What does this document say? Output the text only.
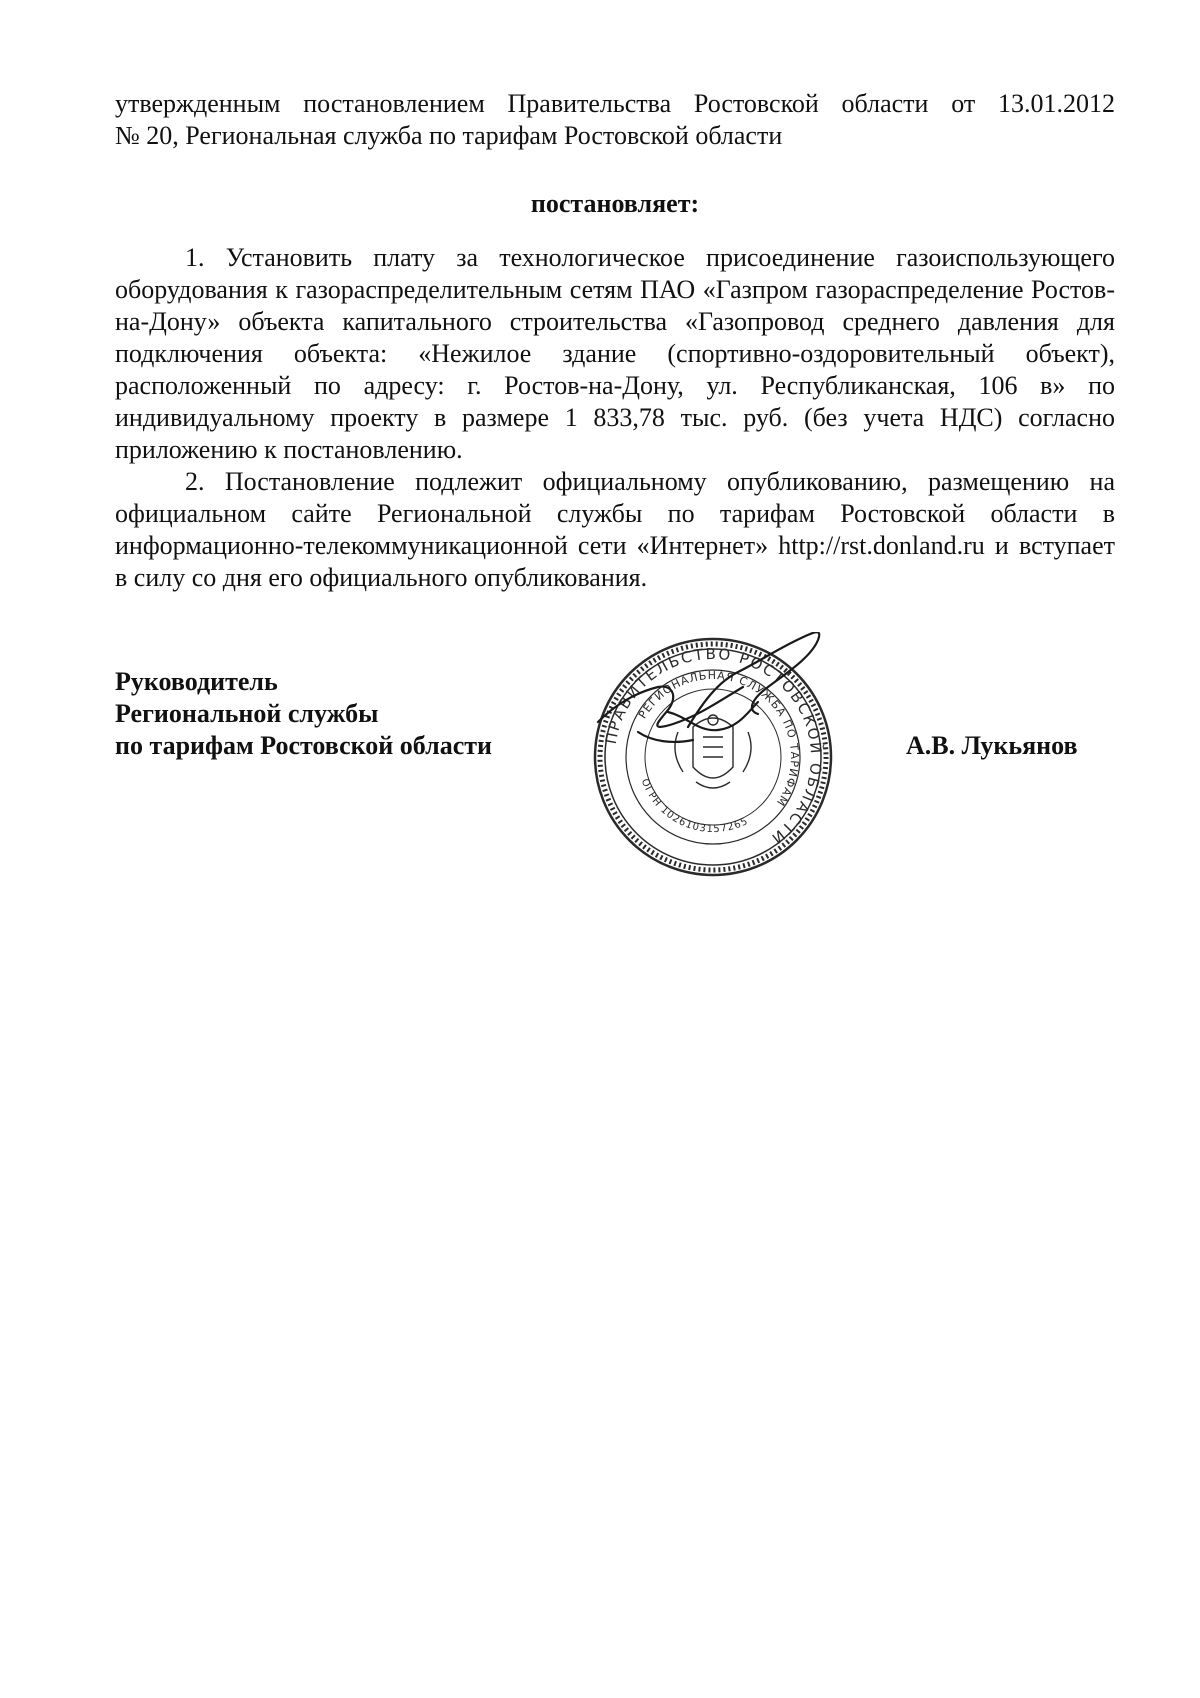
утвержденным постановлением Правительства Ростовской области от 13.01.2012

№ 20, Региональная служба по тарифам Ростовской области

постановляет:

1. Установить плату за технологическое присоединение газоиспользующего оборудования к газораспределительным сетям ПАО «Газпром газораспределение Ростов-на-Дону» объекта капитального строительства «Газопровод среднего давления для подключения объекта: «Нежилое здание (спортивно-оздоровительный объект), расположенный по адресу: г. Ростов-на-Дону, ул. Республиканская, 106 в» по индивидуальному проекту в размере 1 833,78 тыс. руб. (без учета НДС) согласно приложению к постановлению.

2. Постановление подлежит официальному опубликованию, размещению на официальном сайте Региональной службы по тарифам Ростовской области в информационно-телекоммуникационной сети «Интернет» http://rst.donland.ru и вступает в силу со дня его официального опубликования.

Руководитель
Региональной службы
по тарифам Ростовской области	ПРАВИТЕЛЬСТВО РОСТОВСКОЙ ОБЛАСТИ
РЕГИОНАЛЬНАЯ СЛУЖБА ПО ТАРИФАМ
ОГРН 1026103157265
А.В. Лукьянов
